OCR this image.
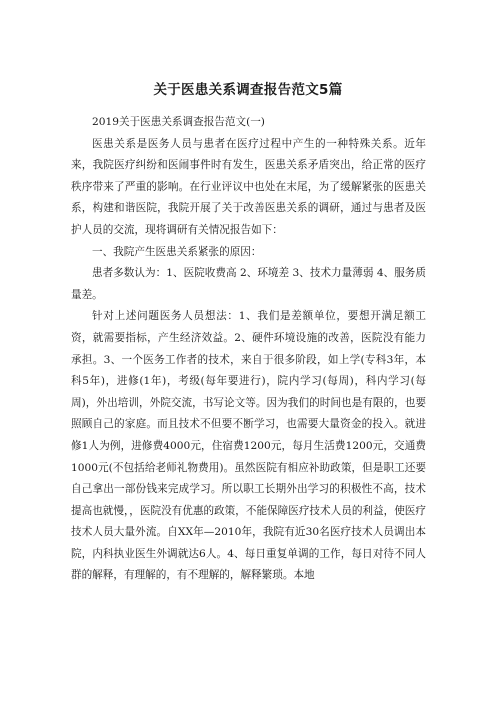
关于医患关系调查报告范文5篇

2019关于医患关系调查报告范文(一)

医患关系是医务人员与患者在医疗过程中产生的一种特殊关系。近年来，我院医疗纠纷和医闹事件时有发生，医患关系矛盾突出，给正常的医疗秩序带来了严重的影响。在行业评议中也处在末尾，为了缓解紧张的医患关系，构建和谐医院，我院开展了关于改善医患关系的调研，通过与患者及医护人员的交流，现将调研有关情况报告如下：

一、我院产生医患关系紧张的原因：

患者多数认为：1、医院收费高 2、环境差 3、技术力量薄弱 4、服务质量差。

针对上述问题医务人员想法：1、我们是差额单位，要想开满足额工资，就需要指标，产生经济效益。2、硬件环境设施的改善，医院没有能力承担。3、一个医务工作者的技术，来自于很多阶段，如上学(专科3年，本科5年)，进修(1年)，考级(每年要进行)，院内学习(每周)，科内学习(每周)，外出培训，外院交流，书写论文等。因为我们的时间也是有限的，也要照顾自己的家庭。而且技术不但要不断学习，也需要大量资金的投入。就进修1人为例，进修费4000元，住宿费1200元，每月生活费1200元，交通费1000元(不包括给老师礼物费用)。虽然医院有相应补助政策，但是职工还要自己拿出一部份钱来完成学习。所以职工长期外出学习的积极性不高，技术提高也就慢，，医院没有优惠的政策，不能保障医疗技术人员的利益，使医疗技术人员大量外流。自XX年—2010年，我院有近30名医疗技术人员调出本院，内科执业医生外调就达6人。4、每日重复单调的工作，每日对待不同人群的解释，有理解的，有不理解的，解释繁琐。本地
